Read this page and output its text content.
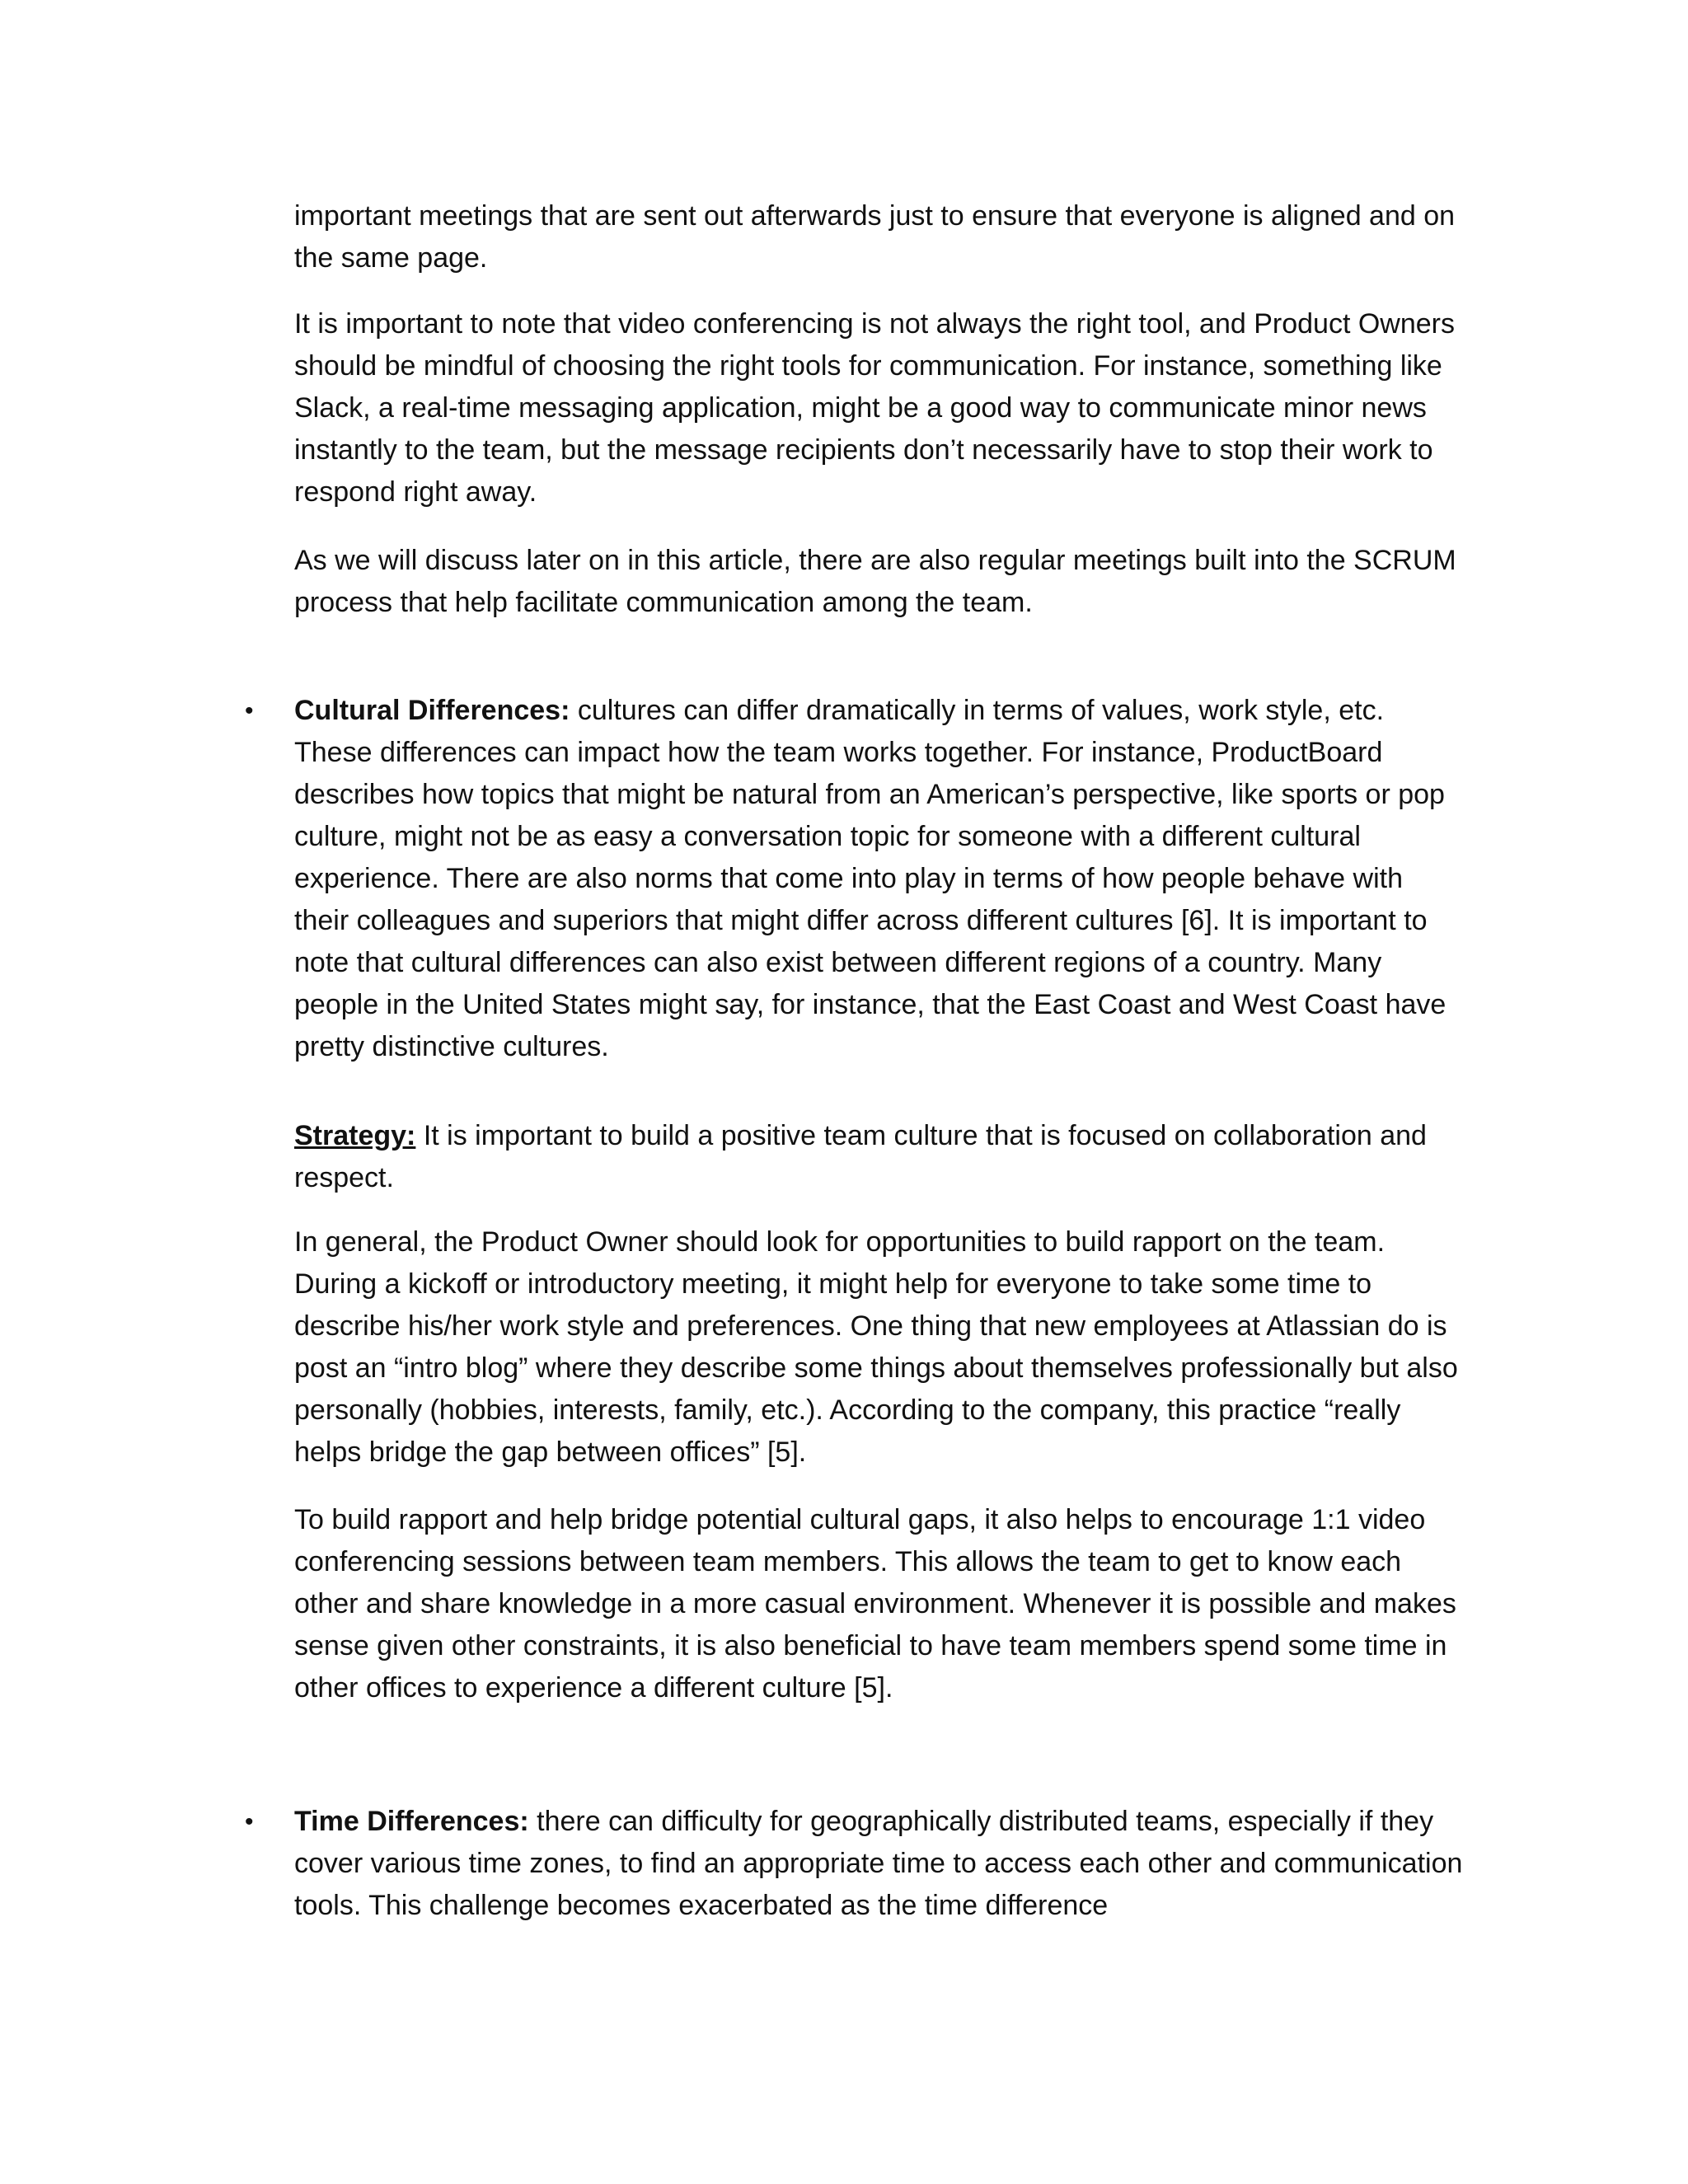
important meetings that are sent out afterwards just to ensure that everyone is aligned and on the same page.

It is important to note that video conferencing is not always the right tool, and Product Owners should be mindful of choosing the right tools for communication. For instance, something like Slack, a real-time messaging application, might be a good way to communicate minor news instantly to the team, but the message recipients don’t necessarily have to stop their work to respond right away.

As we will discuss later on in this article, there are also regular meetings built into the SCRUM process that help facilitate communication among the team.

• Cultural Differences: cultures can differ dramatically in terms of values, work style, etc. These differences can impact how the team works together. For instance, ProductBoard describes how topics that might be natural from an American’s perspective, like sports or pop culture, might not be as easy a conversation topic for someone with a different cultural experience. There are also norms that come into play in terms of how people behave with their colleagues and superiors that might differ across different cultures [6]. It is important to note that cultural differences can also exist between different regions of a country. Many people in the United States might say, for instance, that the East Coast and West Coast have pretty distinctive cultures.

Strategy: It is important to build a positive team culture that is focused on collaboration and respect.

In general, the Product Owner should look for opportunities to build rapport on the team. During a kickoff or introductory meeting, it might help for everyone to take some time to describe his/her work style and preferences. One thing that new employees at Atlassian do is post an “intro blog” where they describe some things about themselves professionally but also personally (hobbies, interests, family, etc.). According to the company, this practice “really helps bridge the gap between offices” [5].

To build rapport and help bridge potential cultural gaps, it also helps to encourage 1:1 video conferencing sessions between team members. This allows the team to get to know each other and share knowledge in a more casual environment. Whenever it is possible and makes sense given other constraints, it is also beneficial to have team members spend some time in other offices to experience a different culture [5].

• Time Differences: there can difficulty for geographically distributed teams, especially if they cover various time zones, to find an appropriate time to access each other and communication tools. This challenge becomes exacerbated as the time difference
